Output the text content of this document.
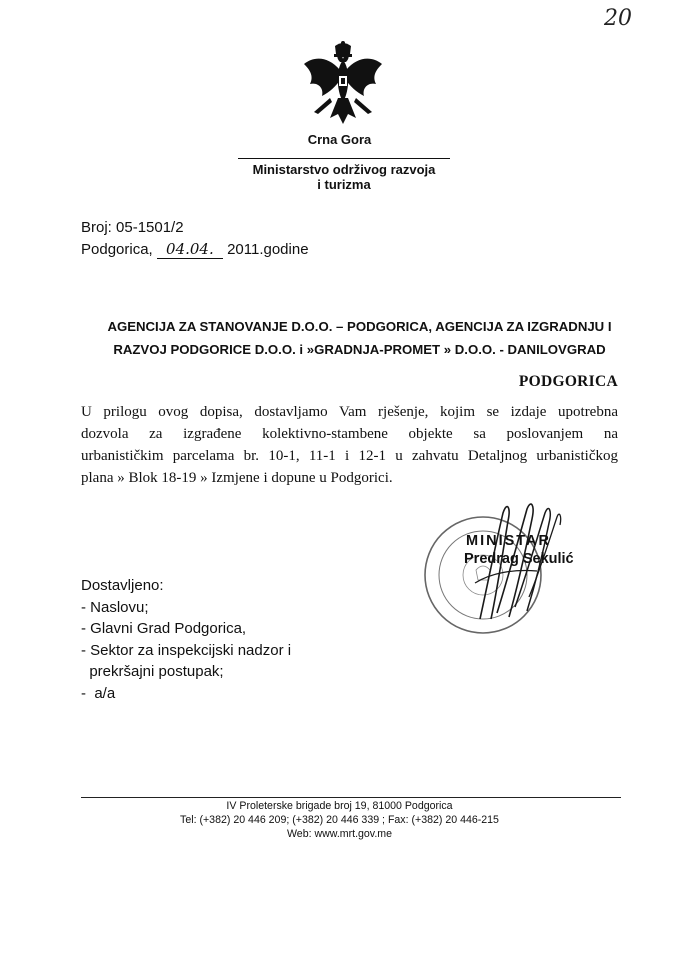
20
Crna Gora
Ministarstvo održivog razvoja
i turizma
Broj: 05-1501/2
Podgorica, 04.04. 2011.godine
AGENCIJA ZA STANOVANJE D.O.O. – PODGORICA, AGENCIJA ZA IZGRADNJU I
RAZVOJ PODGORICE D.O.O. i »GRADNJA-PROMET » D.O.O. - DANILOVGRAD
PODGORICA
U prilogu ovog dopisa, dostavljamo Vam rješenje, kojim se izdaje upotrebna
dozvola za izgrađene kolektivno-stambene objekte sa poslovanjem na
urbanističkim parcelama br. 10-1, 11-1 i 12-1 u zahvatu Detaljnog urbanističkog
plana » Blok 18-19 » Izmjene i dopune u Podgorici.
MINISTAR
Predrag Sekulić
Dostavljeno:
- Naslovu;
- Glavni Grad Podgorica,
- Sektor za inspekcijski nadzor i
prekršajni postupak;
-  a/a
IV Proleterske brigade broj 19, 81000 Podgorica
Tel: (+382) 20 446 209; (+382) 20 446 339 ; Fax: (+382) 20 446-215
Web: www.mrt.gov.me
